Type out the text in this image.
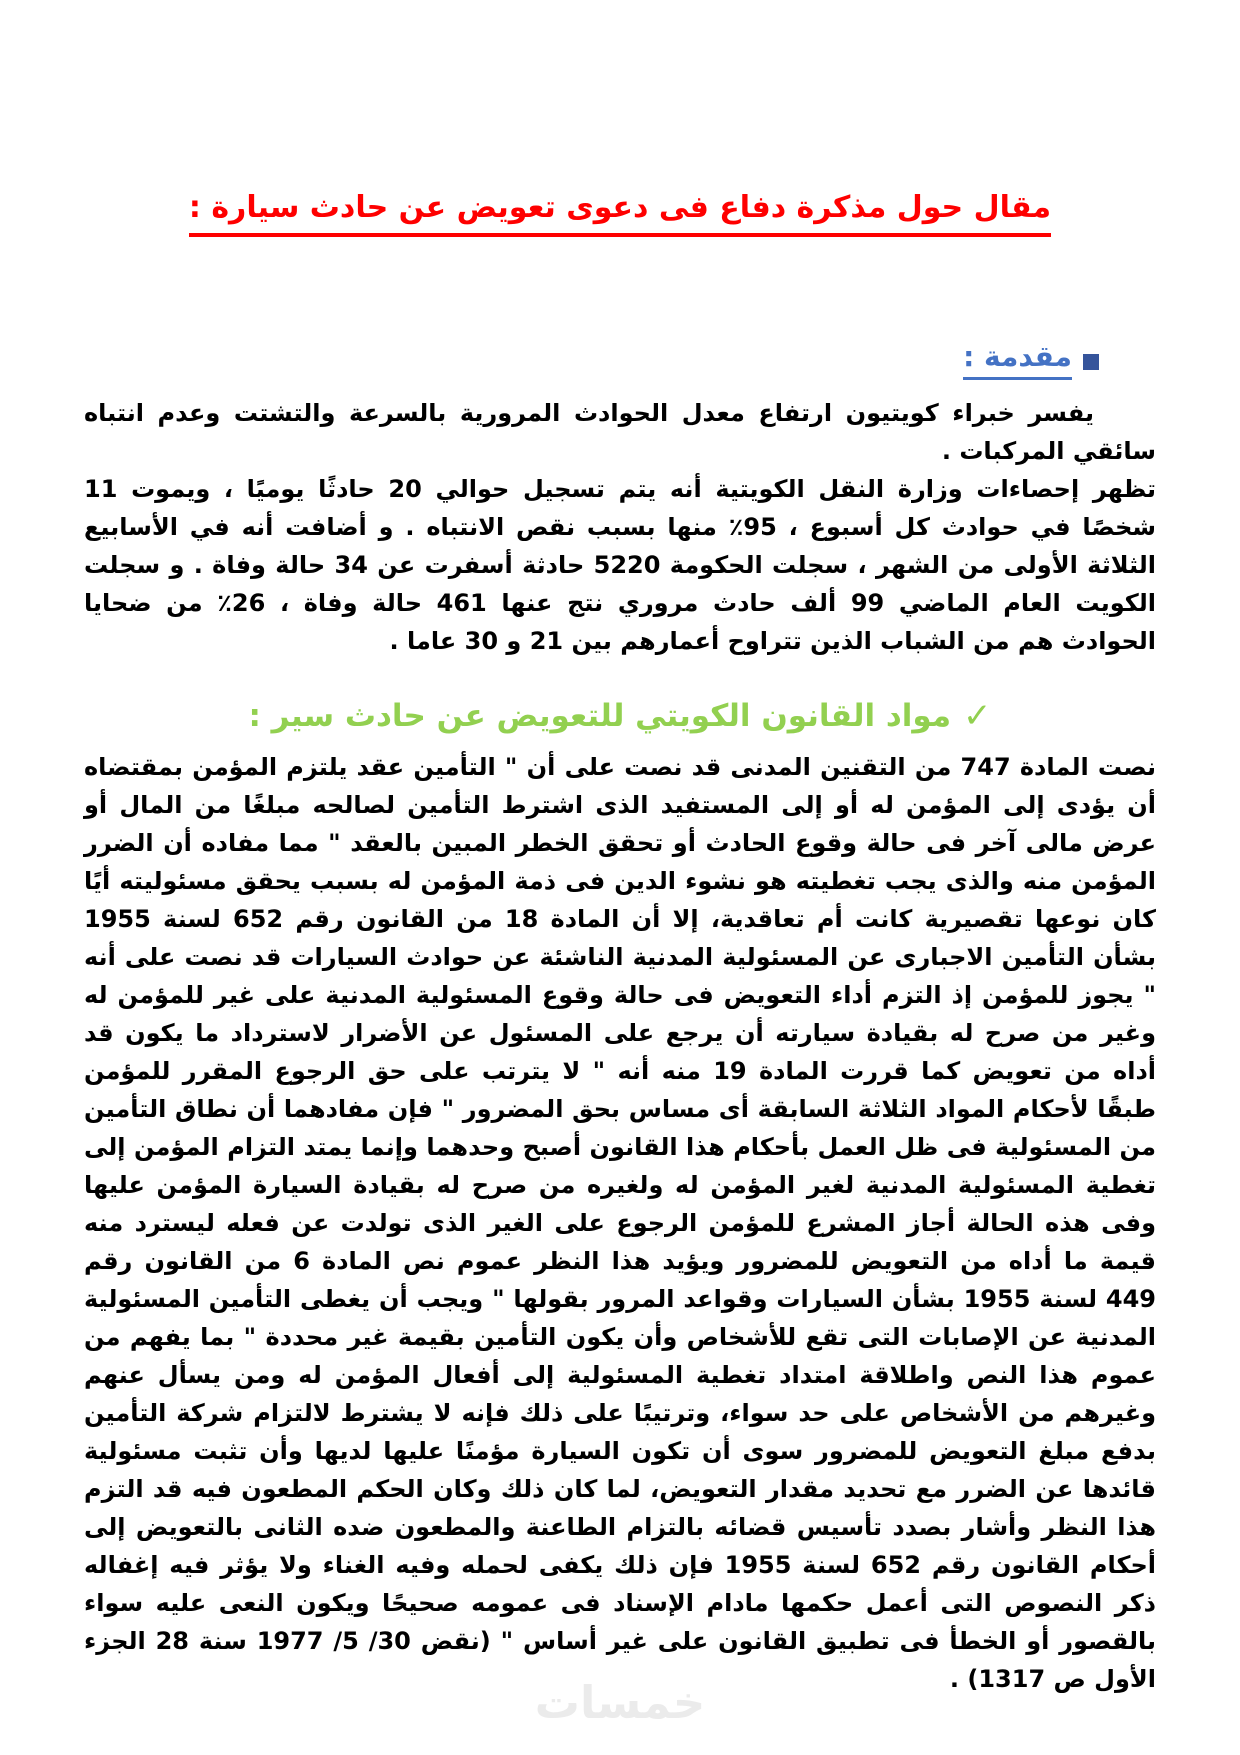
مقال حول مذكرة دفاع فى دعوى تعويض عن حادث سيارة :
مقدمة :

يفسر خبراء كويتيون ارتفاع معدل الحوادث المرورية بالسرعة والتشتت وعدم انتباه سائقي المركبات .

تظهر إحصاءات وزارة النقل الكويتية أنه يتم تسجيل حوالي 20 حادثًا يوميًا ، ويموت 11 شخصًا في حوادث كل أسبوع ، 95٪ منها بسبب نقص الانتباه . و أضافت أنه في الأسابيع الثلاثة الأولى من الشهر ، سجلت الحكومة 5220 حادثة أسفرت عن 34 حالة وفاة . و سجلت الكويت العام الماضي 99 ألف حادث مروري نتج عنها 461 حالة وفاة ، 26٪ من ضحايا الحوادث هم من الشباب الذين تتراوح أعمارهم بين 21 و 30 عاما .

✓مواد القانون الكويتي للتعويض عن حادث سير :

نصت المادة 747 من التقنين المدنى قد نصت على أن " التأمين عقد يلتزم المؤمن بمقتضاه أن يؤدى إلى المؤمن له أو إلى المستفيد الذى اشترط التأمين لصالحه مبلغًا من المال أو عرض مالى آخر فى حالة وقوع الحادث أو تحقق الخطر المبين بالعقد " مما مفاده أن الضرر المؤمن منه والذى يجب تغطيته هو نشوء الدين فى ذمة المؤمن له بسبب يحقق مسئوليته أيًا كان نوعها تقصيرية كانت أم تعاقدية، إلا أن المادة 18 من القانون رقم 652 لسنة 1955 بشأن التأمين الاجبارى عن المسئولية المدنية الناشئة عن حوادث السيارات قد نصت على أنه " يجوز للمؤمن إذ التزم أداء التعويض فى حالة وقوع المسئولية المدنية على غير للمؤمن له وغير من صرح له بقيادة سيارته أن يرجع على المسئول عن الأضرار لاسترداد ما يكون قد أداه من تعويض كما قررت المادة 19 منه أنه " لا يترتب على حق الرجوع المقرر للمؤمن طبقًا لأحكام المواد الثلاثة السابقة أى مساس بحق المضرور " فإن مفادهما أن نطاق التأمين من المسئولية فى ظل العمل بأحكام هذا القانون أصبح وحدهما وإنما يمتد التزام المؤمن إلى تغطية المسئولية المدنية لغير المؤمن له ولغيره من صرح له بقيادة السيارة المؤمن عليها وفى هذه الحالة أجاز المشرع للمؤمن الرجوع على الغير الذى تولدت عن فعله ليسترد منه قيمة ما أداه من التعويض للمضرور ويؤيد هذا النظر عموم نص المادة 6 من القانون رقم 449 لسنة 1955 بشأن السيارات وقواعد المرور بقولها " ويجب أن يغطى التأمين المسئولية المدنية عن الإصابات التى تقع للأشخاص وأن يكون التأمين بقيمة غير محددة " بما يفهم من عموم هذا النص واطلاقة امتداد تغطية المسئولية إلى أفعال المؤمن له ومن يسأل عنهم وغيرهم من الأشخاص على حد سواء، وترتيبًا على ذلك فإنه لا يشترط لالتزام شركة التأمين بدفع مبلغ التعويض للمضرور سوى أن تكون السيارة مؤمنًا عليها لديها وأن تثبت مسئولية قائدها عن الضرر مع تحديد مقدار التعويض، لما كان ذلك وكان الحكم المطعون فيه قد التزم هذا النظر وأشار بصدد تأسيس قضائه بالتزام الطاعنة والمطعون ضده الثانى بالتعويض إلى أحكام القانون رقم 652 لسنة 1955 فإن ذلك يكفى لحمله وفيه الغناء ولا يؤثر فيه إغفاله ذكر النصوص التى أعمل حكمها مادام الإسناد فى عمومه صحيحًا ويكون النعى عليه سواء بالقصور أو الخطأ فى تطبيق القانون على غير أساس " (نقض 30/ 5/ 1977 سنة 28 الجزء الأول ص 1317) .

خمسات
